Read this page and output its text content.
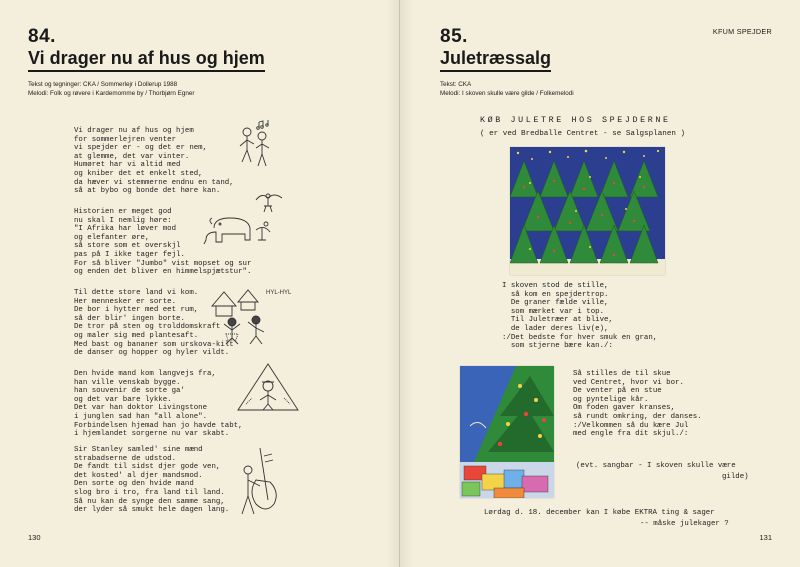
84.
Vi drager nu af hus og hjem
Tekst og tegninger: CKA / Sommerlejr i Dollerup 1988
Melodi: Folk og røvere i Kardemomme by / Thorbjørn Egner
Vi drager nu af hus og hjem
for sommerlejren venter
vi spejder er - og det er nem,
at glemme, det var vinter.
Humøret har vi altid med
og kniber det et enkelt sted,
da hæver vi stemmerne endnu en tand,
så at bybo og bonde det høre kan.
Historien er meget god
nu skal I nemlig høre:
"I Afrika har løver mod
og elefanter øre,
så store som et overskjl
pas på I ikke tager fejl.
For så bliver "Jumbo" vist mopset og sur
og enden det bliver en himmelspjætstur".
Til dette store land vi kom.
Her mennesker er sorte.
De bor i hytter med eet rum,
så der blir' ingen borte.
De tror på sten og trolddomskraft
og maler sig med plantesaft.
Med bast og bananer som urskova-kilt
de danser og hopper og hyler vildt.
Den hvide mand kom langvejs fra,
han ville venskab bygge.
han souvenir de sorte ga'
og det var bare lykke.
Det var han doktor Livingstone
i junglen sad han "all alone".
Forbindelsen hjemad han jo havde tabt,
i hjemlandet sorgerne nu var skabt.
Sir Stanley samled' sine mænd
strabadserne de udstod.
De fandt til sidst djer gode ven,
det kosted' al djer mandsmod.
Den sorte og den hvide mand
slog bro i tro, fra land til land.
Så nu kan de synge den samme sang,
der lyder så smukt hele dagen lang.
HYL-HYL
130
KFUM SPEJDER
85.
Juletræssalg
Tekst: CKA
Melodi: I skoven skulle være gilde / Folkemelodi
KØB JULETRE HOS SPEJDERNE
( er ved Bredballe Centret - se Salgsplanen )
I skoven stod de stille,
så kom en spejdertrop.
De graner fælde ville,
som mærket var i top.
Til Juletræer at blive,
de lader deres liv(e),
:/Det bedste for hver smuk en gran,
som stjerne bære kan./:
Så stilles de til skue
ved Centret, hvor vi bor.
De venter på en stue
og pyntelige kår.
Om foden gaver kranses,
så rundt omkring, der danses.
:/Velkommen så du kære Jul
med engle fra dit skjul./:
(evt. sangbar - I skoven skulle være
gilde)
Lørdag d. 18. december kan I købe EKTRA ting & sager
-- måske julekager ?
131
